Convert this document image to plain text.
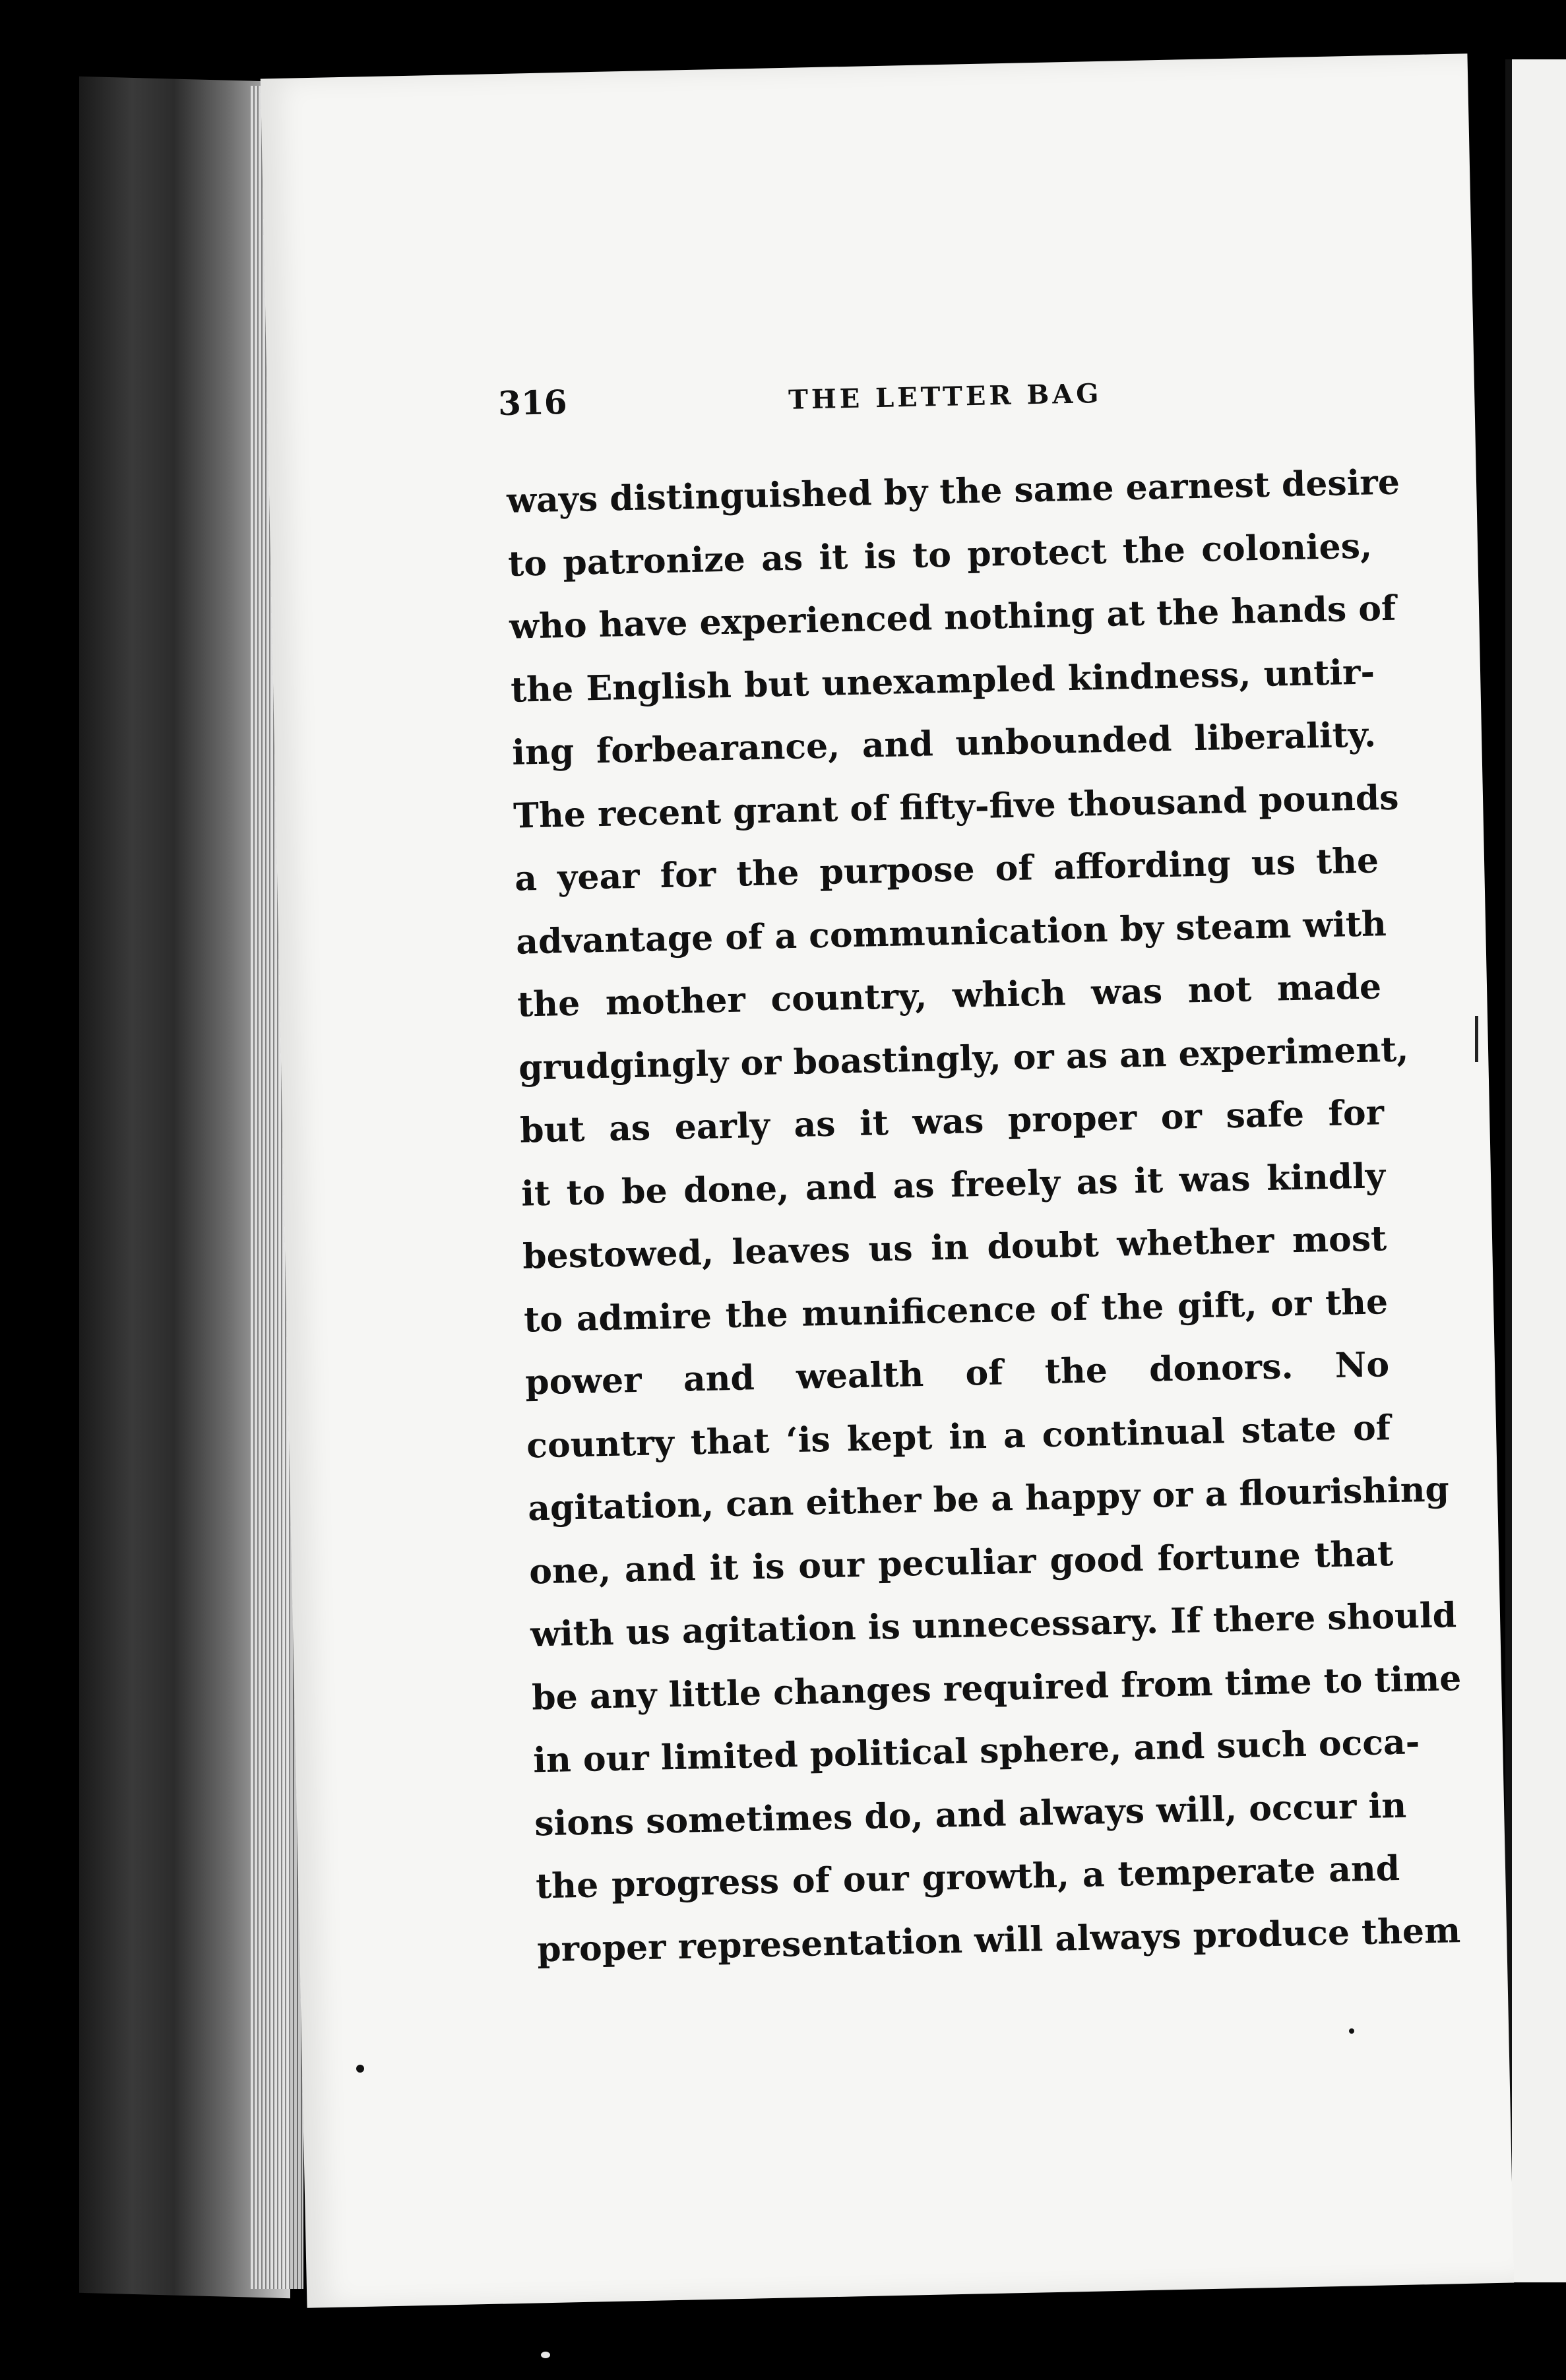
316	THE LETTER BAG
ways distinguished by the same earnest desire
to patronize as it is to protect the colonies,
who have experienced nothing at the hands of
the English but unexampled kindness, untir-
ing forbearance, and unbounded liberality.
The recent grant of fifty-five thousand pounds
a year for the purpose of affording us the
advantage of a communication by steam with
the mother country, which was not made
grudgingly or boastingly, or as an experiment,
but as early as it was proper or safe for
it to be done, and as freely as it was kindly
bestowed, leaves us in doubt whether most
to admire the munificence of the gift, or the
power and wealth of the donors. No
country that ‘is kept in a continual state of
agitation, can either be a happy or a flourishing
one, and it is our peculiar good fortune that
with us agitation is unnecessary. If there should
be any little changes required from time to time
in our limited political sphere, and such occa-
sions sometimes do, and always will, occur in
the progress of our growth, a temperate and
proper representation will always produce them
